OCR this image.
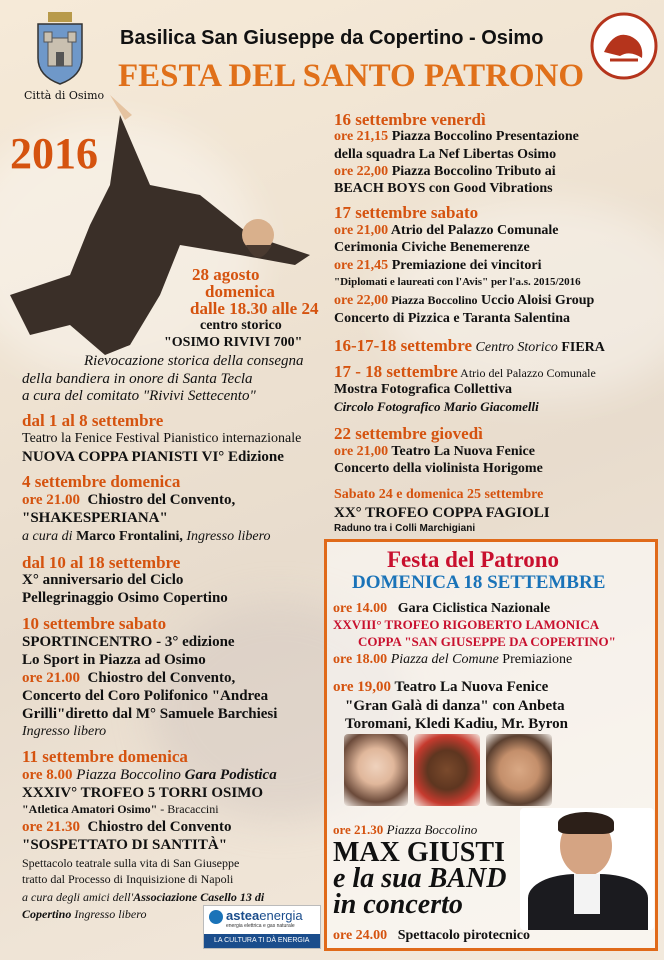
Città di Osimo

Basilica San Giuseppe da Copertino - Osimo

FESTA DEL SANTO PATRONO

2016

28 agosto

domenica

dalle 18.30 alle 24

centro storico

"OSIMO RIVIVI 700"

Rievocazione storica della consegna

della bandiera in onore di Santa Tecla

a cura del comitato "Rivivi Settecento"

dal 1 al 8 settembre

Teatro la Fenice Festival Pianistico internazionale

NUOVA COPPA PIANISTI VI° Edizione

4 settembre domenica

ore 21.00 Chiostro del Convento,

"SHAKESPERIANA"

a cura di Marco Frontalini, Ingresso libero

dal 10 al 18 settembre

X° anniversario del Ciclo

Pellegrinaggio Osimo Copertino

10 settembre sabato

SPORTINCENTRO - 3° edizione

Lo Sport in Piazza ad Osimo

ore 21.00 Chiostro del Convento,

Concerto del Coro Polifonico "Andrea

Grilli"diretto dal M° Samuele Barchiesi

Ingresso libero

11 settembre domenica

ore 8.00 Piazza Boccolino Gara Podistica

XXXIV° TROFEO 5 TORRI OSIMO

"Atletica Amatori Osimo" - Bracaccini

ore 21.30 Chiostro del Convento

"SOSPETTATO DI SANTITÀ"

Spettacolo teatrale sulla vita di San Giuseppe

tratto dal Processo di Inquisizione di Napoli

a cura degli amici dell'Associazione Casello 13 di

Copertino Ingresso libero	asteaenergia

energia elettrica e gas naturale

LA CULTURA TI DÀ ENERGIA

16 settembre venerdì

ore 21,15 Piazza Boccolino Presentazione

della squadra La Nef Libertas Osimo

ore 22,00 Piazza Boccolino Tributo ai

BEACH BOYS con Good Vibrations

17 settembre sabato

ore 21,00 Atrio del Palazzo Comunale

Cerimonia Civiche Benemerenze

ore 21,45 Premiazione dei vincitori

"Diplomati e laureati con l'Avis" per l'a.s. 2015/2016

ore 22,00 Piazza Boccolino Uccio Aloisi Group

Concerto di Pizzica e Taranta Salentina

16-17-18 settembre Centro Storico FIERA

17 - 18 settembre Atrio del Palazzo Comunale

Mostra Fotografica Collettiva

Circolo Fotografico Mario Giacomelli

22 settembre giovedì

ore 21,00 Teatro La Nuova Fenice

Concerto della violinista Horigome

Sabato 24 e domenica 25 settembre

XX° TROFEO COPPA FAGIOLI

Raduno tra i Colli Marchigiani

Festa del Patrono

DOMENICA 18 SETTEMBRE

ore 14.00 Gara Ciclistica Nazionale

XXVIII° TROFEO RIGOBERTO LAMONICA

COPPA "SAN GIUSEPPE DA COPERTINO"

ore 18.00 Piazza del Comune Premiazione

ore 19,00 Teatro La Nuova Fenice

"Gran Galà di danza" con Anbeta

Toromani, Kledi Kadiu, Mr. Byron

ore 21.30 Piazza Boccolino

MAX GIUSTI

e la sua BAND

in concerto

ore 24.00 Spettacolo pirotecnico
